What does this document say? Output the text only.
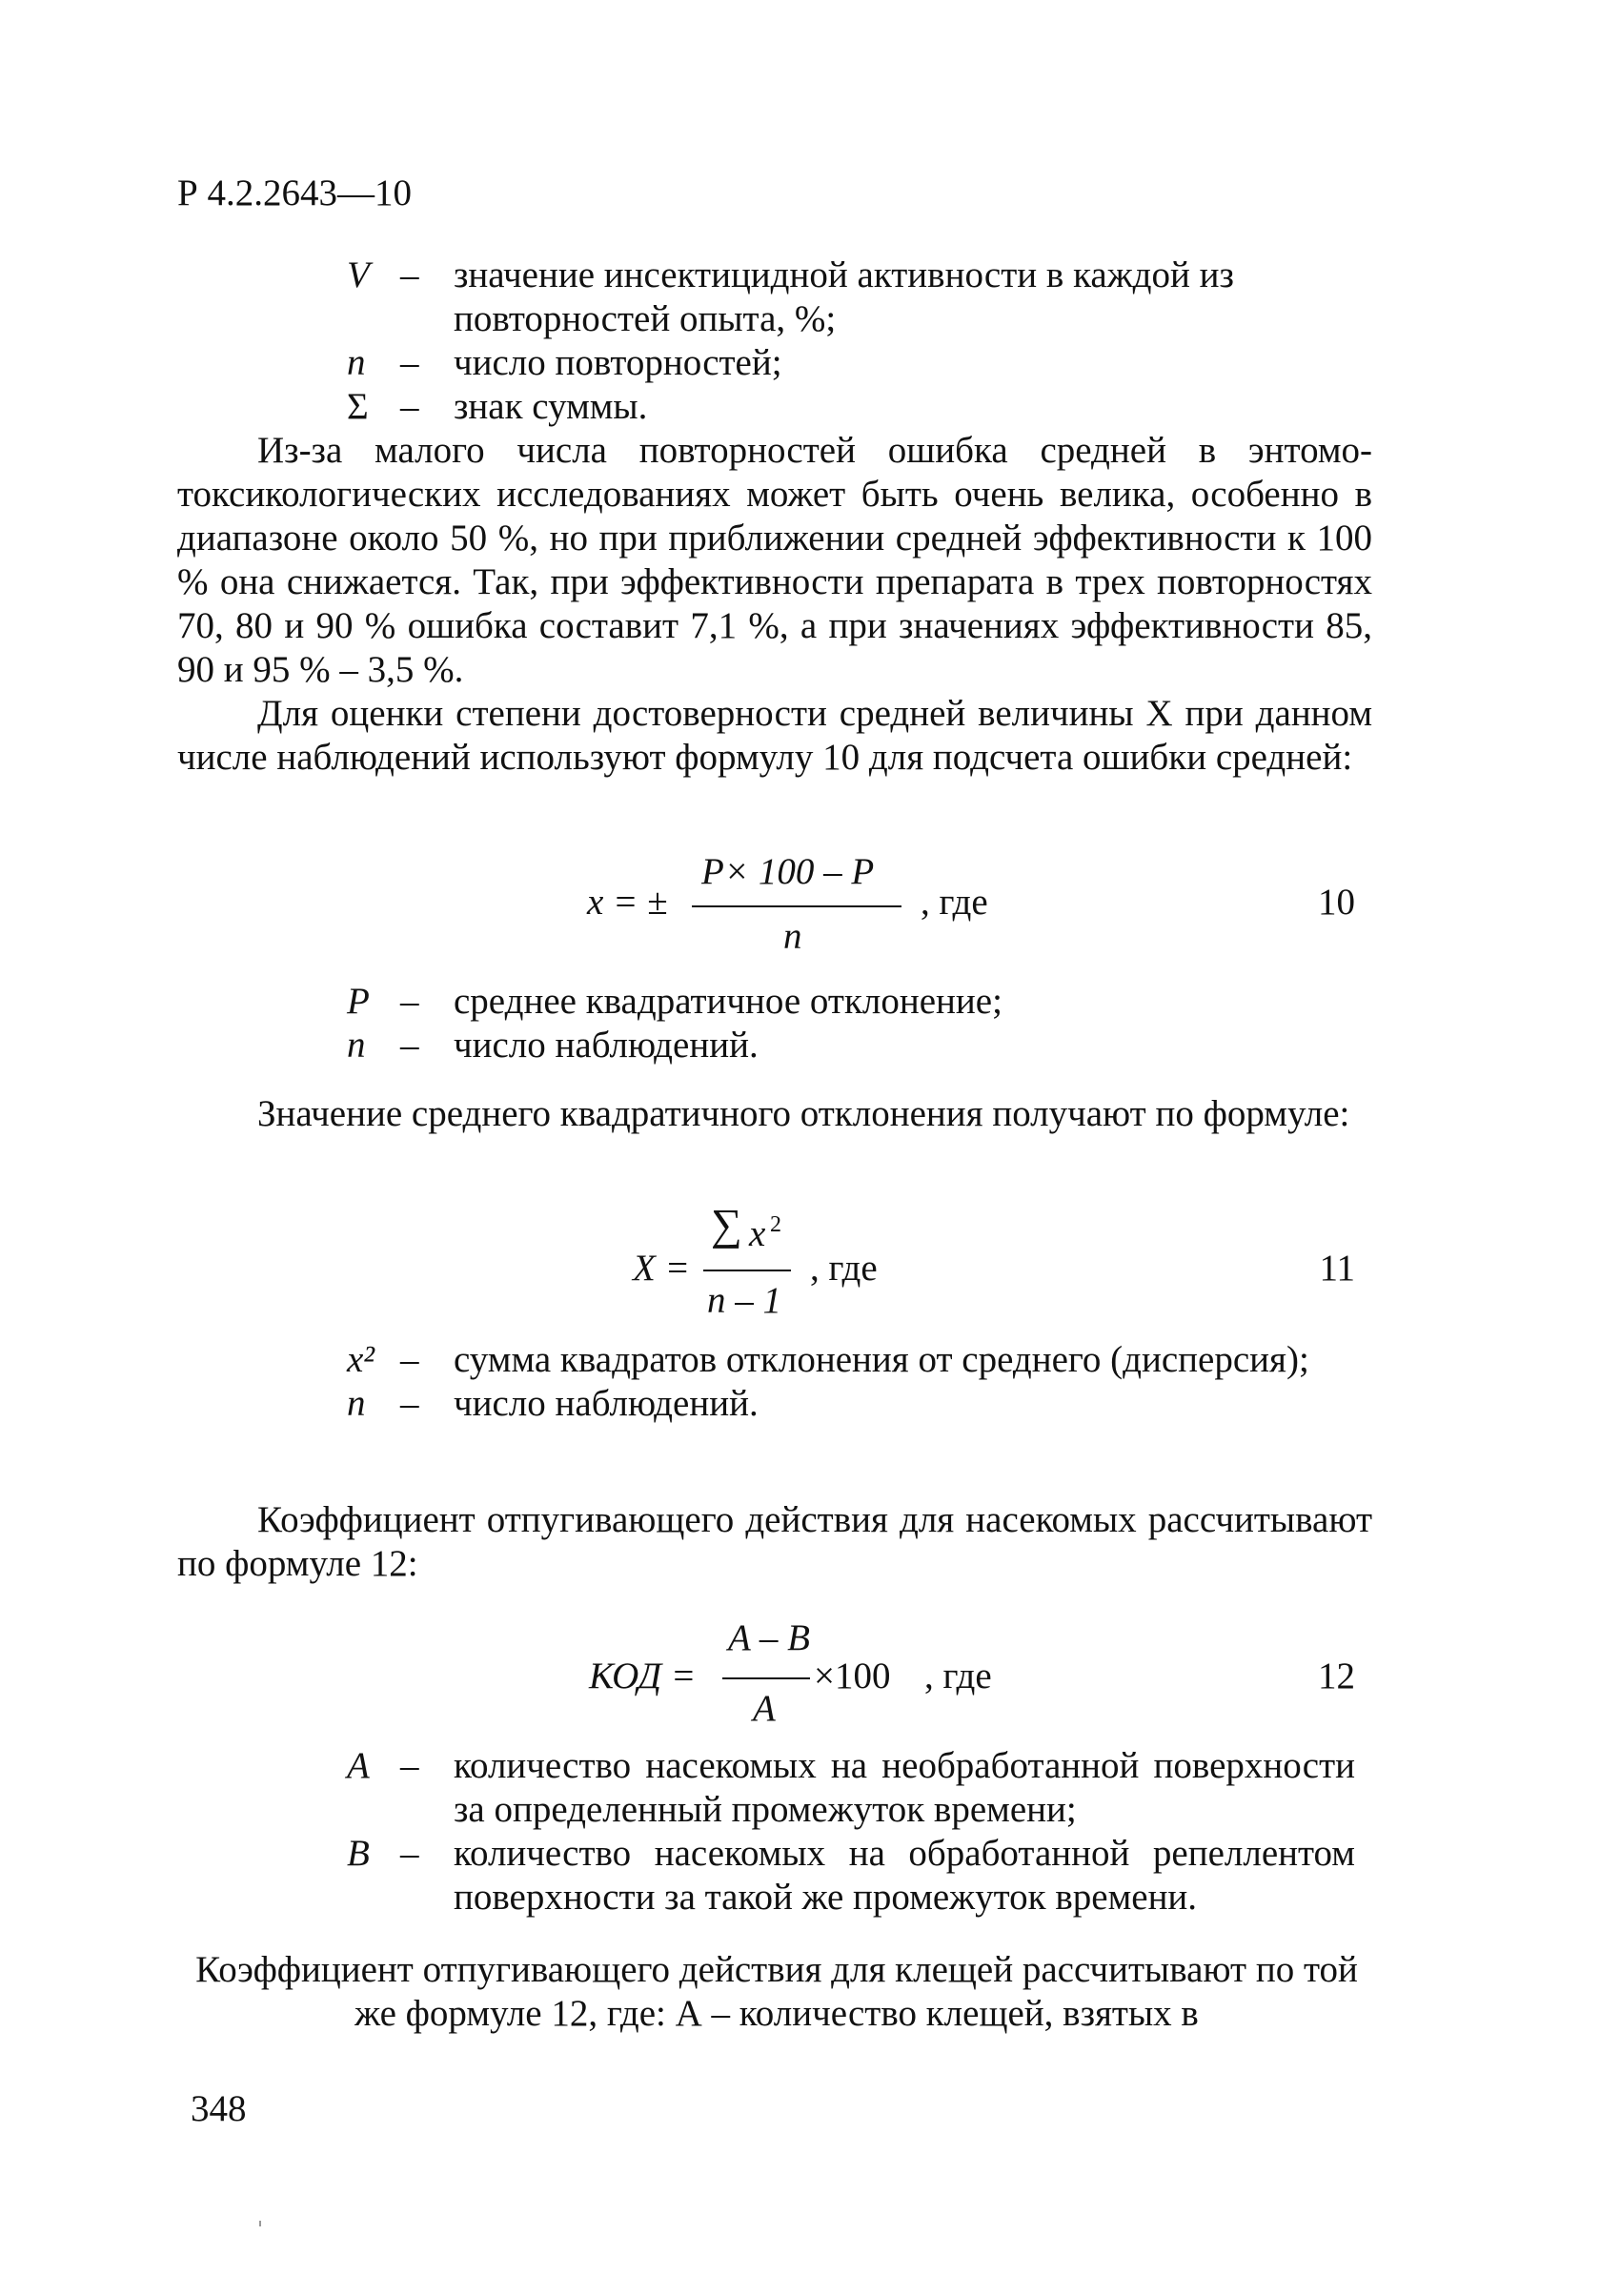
Р 4.2.2643—10
V – значение инсектицидной активности в каждой из повторностей опыта, %;
n – число повторностей;
Σ – знак суммы.

Из-за малого числа повторностей ошибка средней в энтомо-токсикологических исследованиях может быть очень велика, особенно в диапазоне около 50 %, но при приближении средней эффективности к 100 % она снижается. Так, при эффективности препарата в трех повторностях 70, 80 и 90 % ошибка составит 7,1 %, а при значениях эффективности 85, 90 и 95 % – 3,5 %.

Для оценки степени достоверности средней величины X при данном числе наблюдений используют формулу 10 для подсчета ошибки средней:

x = ±
P× 100 – P
n
, где	10
P – среднее квадратичное отклонение;
n – число наблюдений.

Значение среднего квадратичного отклонения получают по формуле:

X =
∑ x 2
n – 1
, где	11
x² – сумма квадратов отклонения от среднего (дисперсия);
n – число наблюдений.

Коэффициент отпугивающего действия для насекомых рассчитывают по формуле 12:

КОД =
A – B
A
×100 , где	12
A – количество насекомых на необработанной поверхности за определенный промежуток времени;
B – количество насекомых на обработанной репеллентом поверхности за такой же промежуток времени.

Коэффициент отпугивающего действия для клещей рассчитывают по той же формуле 12, где: А – количество клещей, взятых в

348
